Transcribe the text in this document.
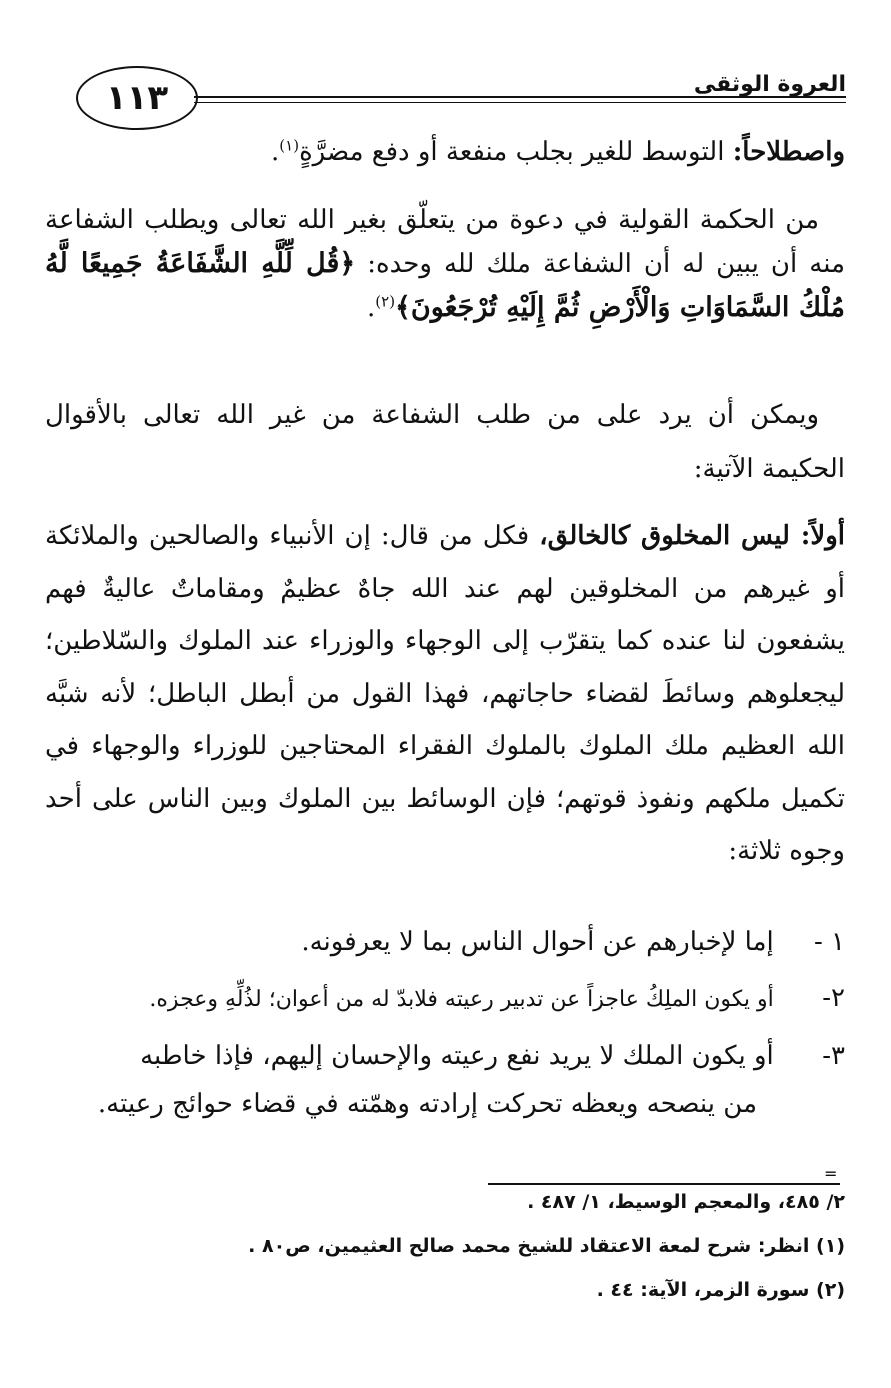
١١٣	العروة الوثقى
واصطلاحاً: التوسط للغير بجلب منفعة أو دفع مضرَّةٍ$^{(١)}$.
 من الحكمة القولية في دعوة من يتعلّق بغير الله تعالى ويطلب الشفاعة منه أن يبين له أن الشفاعة ملك لله وحده: ﴿قُل لِّلَّهِ الشَّفَاعَةُ جَمِيعًا لَّهُ مُلْكُ السَّمَاوَاتِ وَالْأَرْضِ ثُمَّ إِلَيْهِ تُرْجَعُونَ﴾$^{(٢)}$.
 ويمكن أن يرد على من طلب الشفاعة من غير الله تعالى بالأقوال الحكيمة الآتية:
أولاً: ليس المخلوق كالخالق، فكل من قال: إن الأنبياء والصالحين والملائكة أو غيرهم من المخلوقين لهم عند الله جاهٌ عظيمٌ ومقاماتٌ عاليةٌ فهم يشفعون لنا عنده كما يتقرّب إلى الوجهاء والوزراء عند الملوك والسّلاطين؛ ليجعلوهم وسائطَ لقضاء حاجاتهم، فهذا القول من أبطل الباطل؛ لأنه شبَّه الله العظيم ملك الملوك بالملوك الفقراء المحتاجين للوزراء والوجهاء في تكميل ملكهم ونفوذ قوتهم؛ فإن الوسائط بين الملوك وبين الناس على أحد وجوه ثلاثة:
١ -  إما لإخبارهم عن أحوال الناس بما لا يعرفونه.
٢-  أو يكون الملِكُ عاجزاً عن تدبير رعيته فلابدّ له من أعوان؛ لذُلِّهِ وعجزه.
٣-  أو يكون الملك لا يريد نفع رعيته والإحسان إليهم، فإذا خاطبه
من ينصحه ويعظه تحركت إرادته وهمّته في قضاء حوائج رعيته.
=
٢/ ٤٨٥، والمعجم الوسيط، ١/ ٤٨٧ .
(١) انظر: شرح لمعة الاعتقاد للشيخ محمد صالح العثيمين، ص٨٠ .
(٢) سورة الزمر، الآية: ٤٤ .
